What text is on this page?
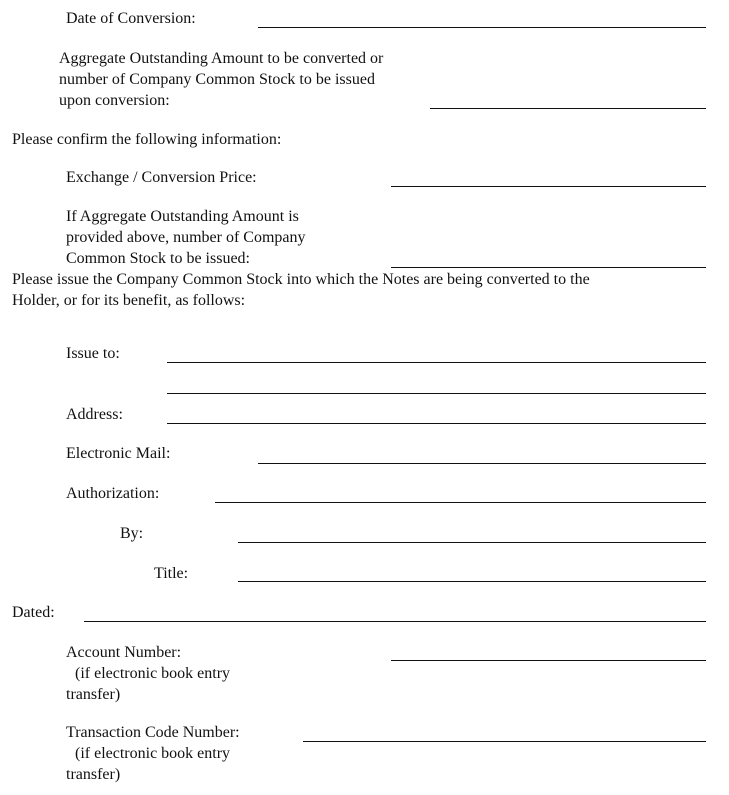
Date of Conversion:

Aggregate Outstanding Amount to be converted or
number of Company Common Stock to be issued
upon conversion:

Please confirm the following information:

Exchange / Conversion Price:

If Aggregate Outstanding Amount is
provided above, number of Company
Common Stock to be issued:
Please issue the Company Common Stock into which the Notes are being converted to the
Holder, or for its benefit, as follows:

Issue to:

Address:

Electronic Mail:

Authorization:

By:

Title:

Dated:

Account Number:
(if electronic book entry
transfer)
Transaction Code Number:
(if electronic book entry
transfer)
